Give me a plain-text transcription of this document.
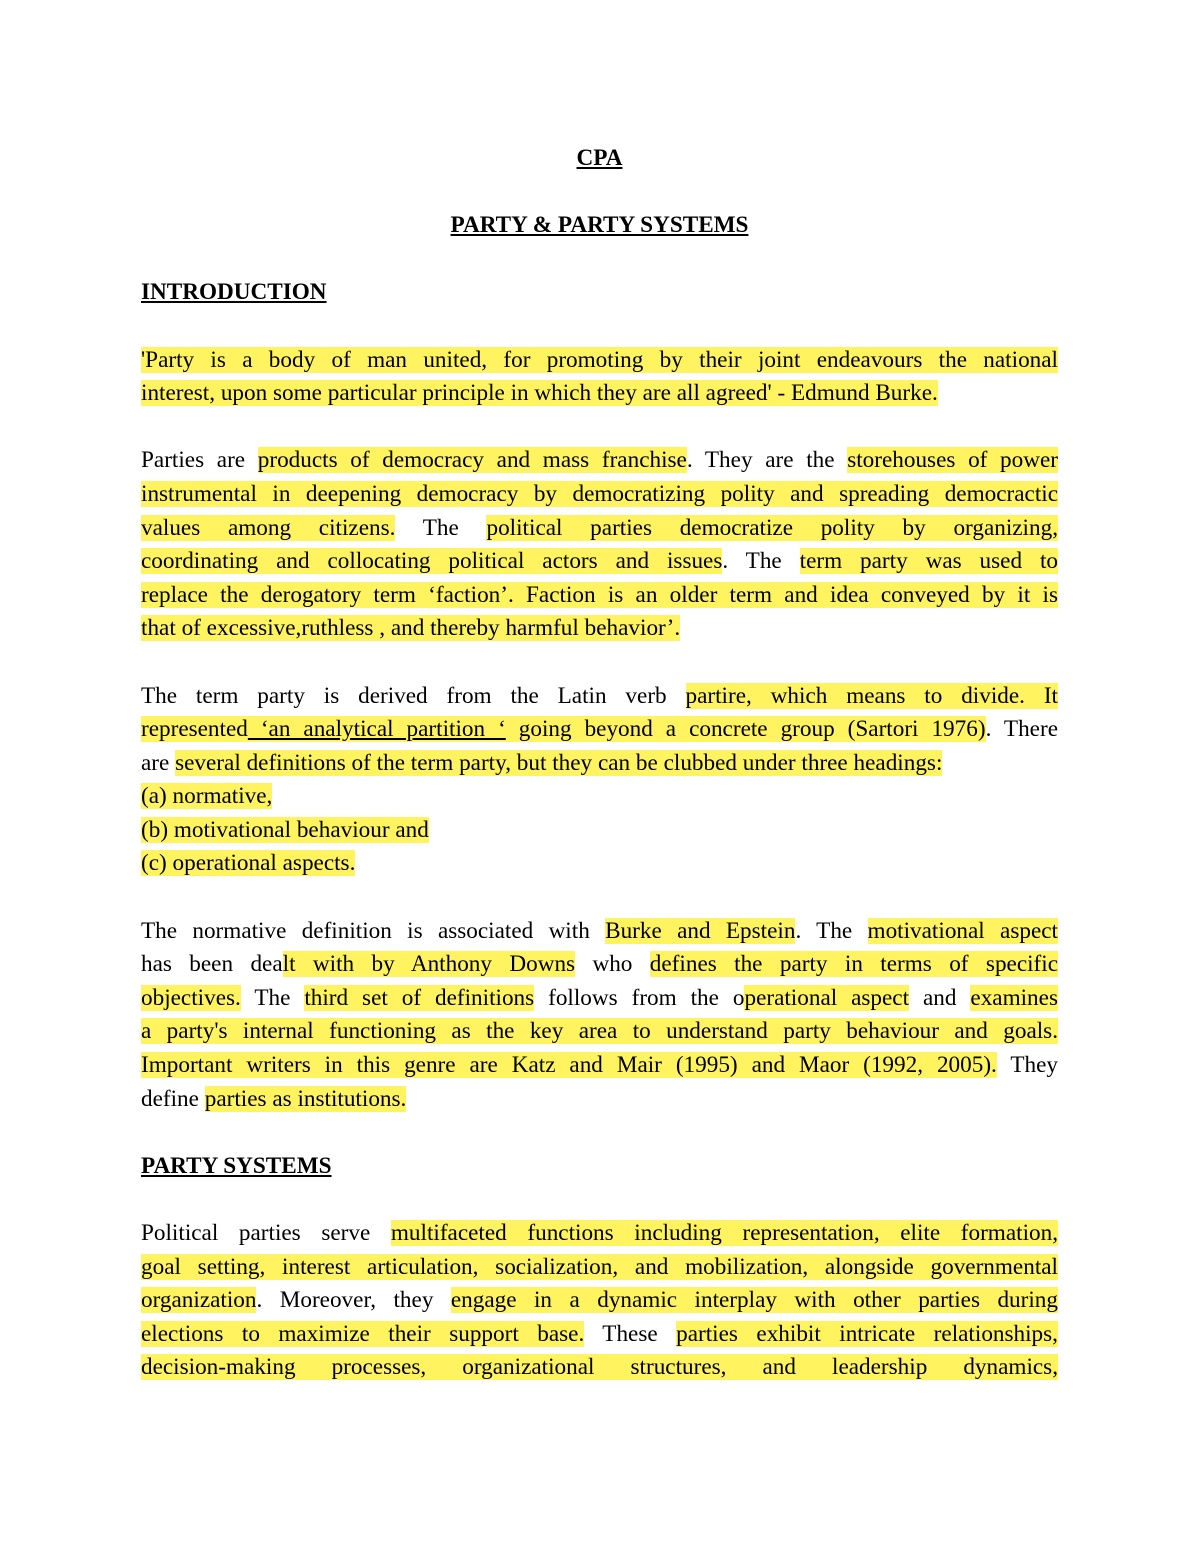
CPA

PARTY & PARTY SYSTEMS

INTRODUCTION

'Party is a body of man united, for promoting by their joint endeavours the national
interest, upon some particular principle in which they are all agreed' - Edmund Burke.
Parties are products of democracy and mass franchise. They are the storehouses of power
instrumental in deepening democracy by democratizing polity and spreading democractic
values among citizens. The political parties democratize polity by organizing,
coordinating and collocating political actors and issues. The term party was used to
replace the derogatory term ‘faction’. Faction is an older term and idea conveyed by it is
that of excessive,ruthless , and thereby harmful behavior’.
The term party is derived from the Latin verb partire, which means to divide. It
represented ‘an analytical partition ‘ going beyond a concrete group (Sartori 1976). There
are several definitions of the term party, but they can be clubbed under three headings:

(a) normative,

(b) motivational behaviour and

(c) operational aspects.

The normative definition is associated with Burke and Epstein. The motivational aspect
has been dealt with by Anthony Downs who defines the party in terms of specific
objectives. The third set of definitions follows from the operational aspect and examines
a party's internal functioning as the key area to understand party behaviour and goals.
Important writers in this genre are Katz and Mair (1995) and Maor (1992, 2005). They
define parties as institutions.

PARTY SYSTEMS

Political parties serve multifaceted functions including representation, elite formation,
goal setting, interest articulation, socialization, and mobilization, alongside governmental
organization. Moreover, they engage in a dynamic interplay with other parties during
elections to maximize their support base. These parties exhibit intricate relationships,
decision-making processes, organizational structures, and leadership dynamics,
